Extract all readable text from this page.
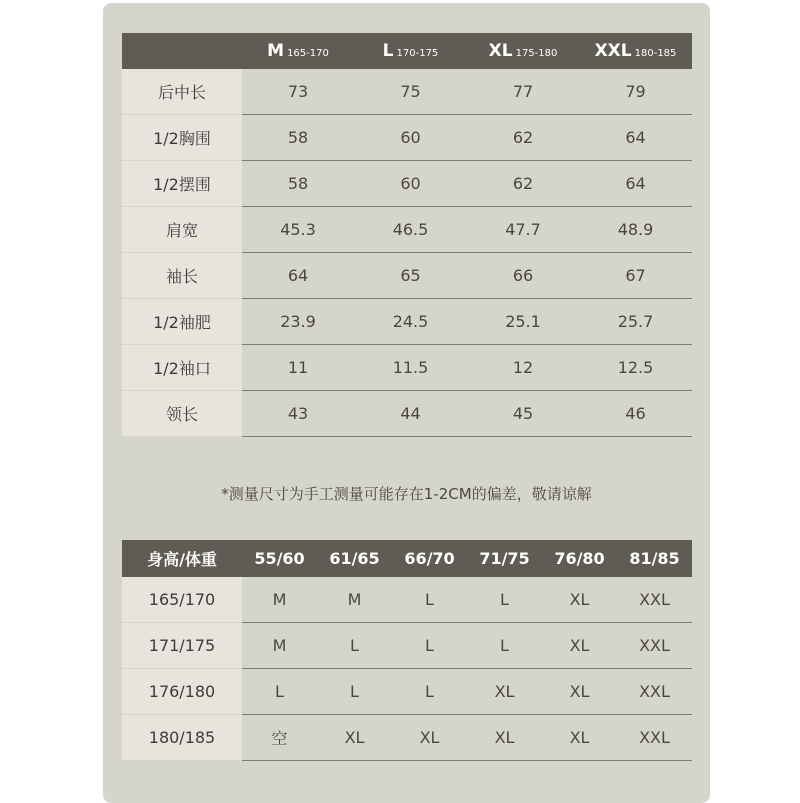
	M 165-170	L 170-175	XL 175-180	XXL 180-185
后中长	73	75	77	79
1/2胸围	58	60	62	64
1/2摆围	58	60	62	64
肩宽	45.3	46.5	47.7	48.9
袖长	64	65	66	67
1/2袖肥	23.9	24.5	25.1	25.7
1/2袖口	11	11.5	12	12.5
领长	43	44	45	46
*测量尺寸为手工测量可能存在1-2CM的偏差，敬请谅解
身高/体重	55/60	61/65	66/70	71/75	76/80	81/85
165/170	M	M	L	L	XL	XXL
171/175	M	L	L	L	XL	XXL
176/180	L	L	L	XL	XL	XXL
180/185	空	XL	XL	XL	XL	XXL
